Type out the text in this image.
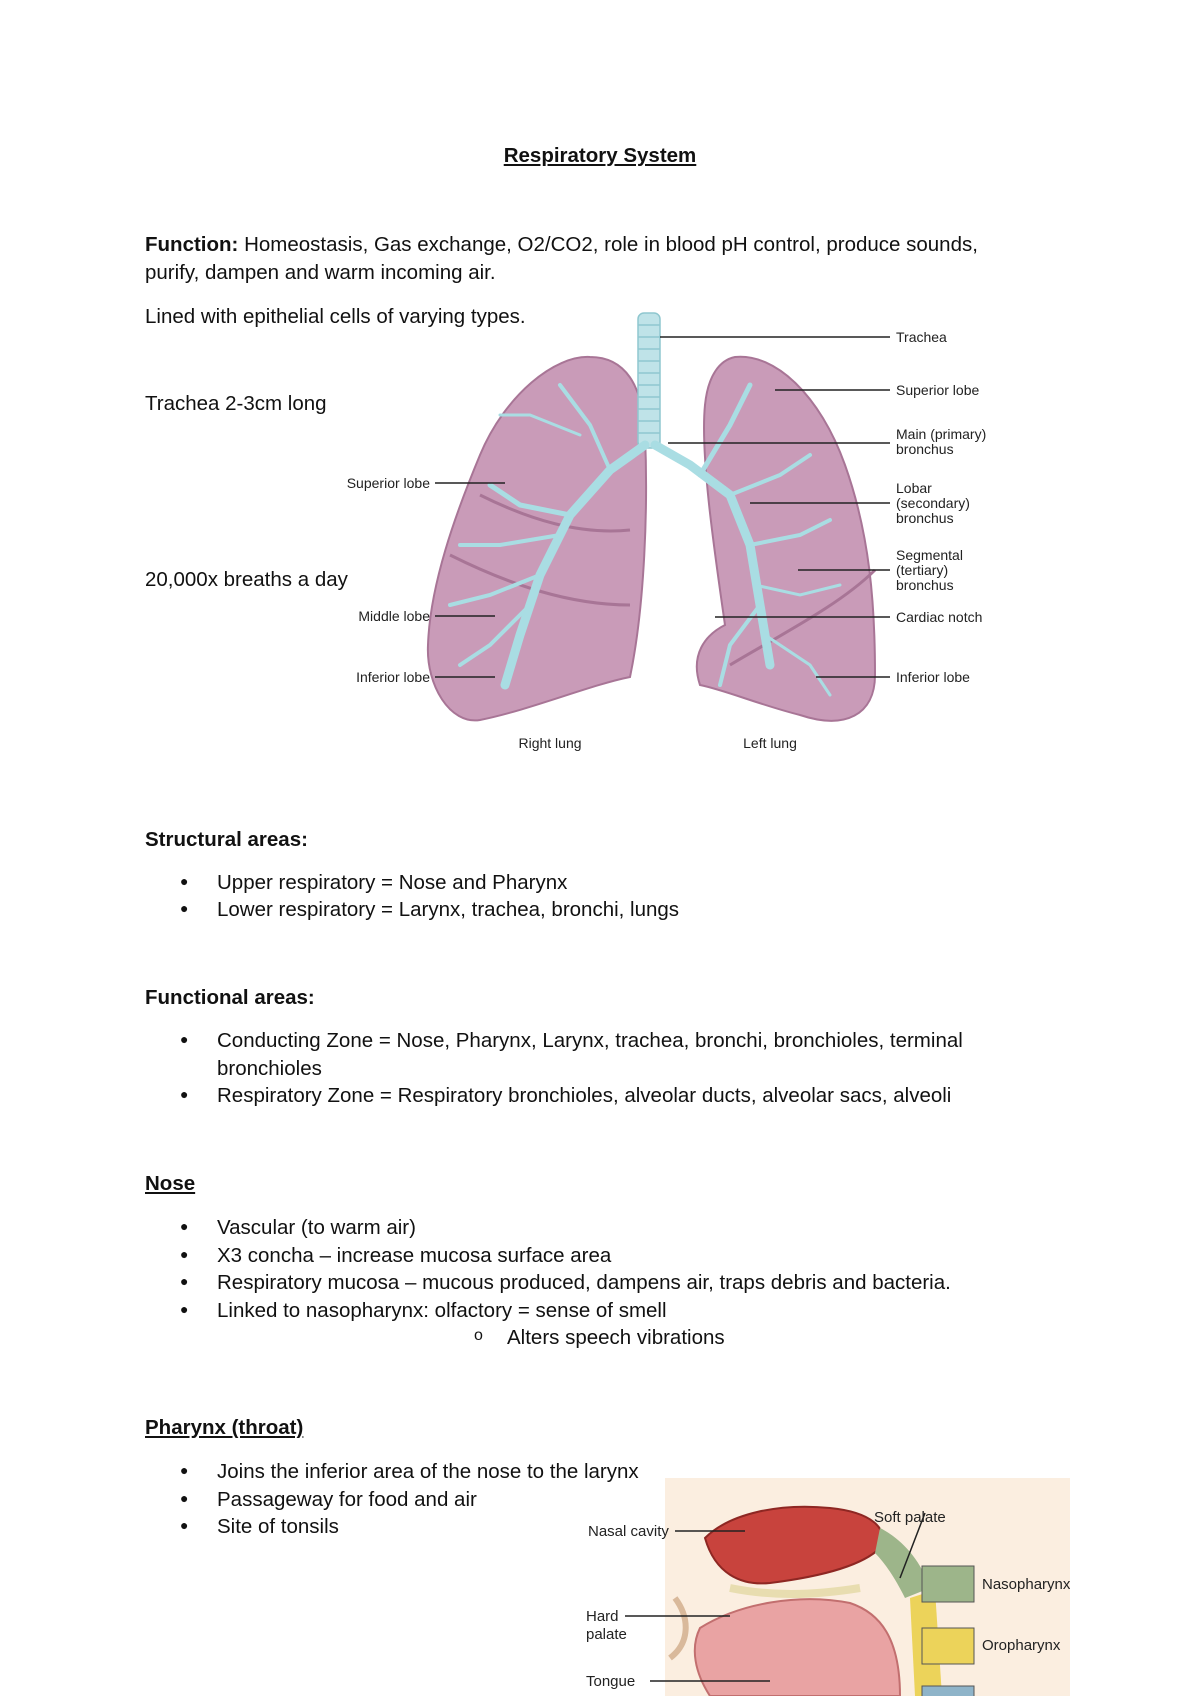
Respiratory System
Function: Homeostasis, Gas exchange, O2/CO2, role in blood pH control, produce sounds,
purify, dampen and warm incoming air.
Lined with epithelial cells of varying types.
Trachea 2-3cm long
20,000x breaths a day
Trachea
Superior lobe
Main (primary)
bronchus
Lobar
(secondary)
bronchus
Segmental
(tertiary)
bronchus
Cardiac notch
Inferior lobe
Superior lobe
Middle lobe
Inferior lobe
Right lung	Left lung
Structural areas:
● Upper respiratory = Nose and Pharynx
● Lower respiratory = Larynx, trachea, bronchi, lungs
Functional areas:
● Conducting Zone = Nose, Pharynx, Larynx, trachea, bronchi, bronchioles, terminal
bronchioles
● Respiratory Zone = Respiratory bronchioles, alveolar ducts, alveolar sacs, alveoli
Nose
● Vascular (to warm air)
● X3 concha – increase mucosa surface area
● Respiratory mucosa – mucous produced, dampens air, traps debris and bacteria.
● Linked to nasopharynx: olfactory = sense of smell
o Alters speech vibrations
Pharynx (throat)
● Joins the inferior area of the nose to the larynx
● Passageway for food and air
● Site of tonsils	Nasal cavity
Soft palate
Hard
palate
Tongue
Nasopharynx
Oropharynx
